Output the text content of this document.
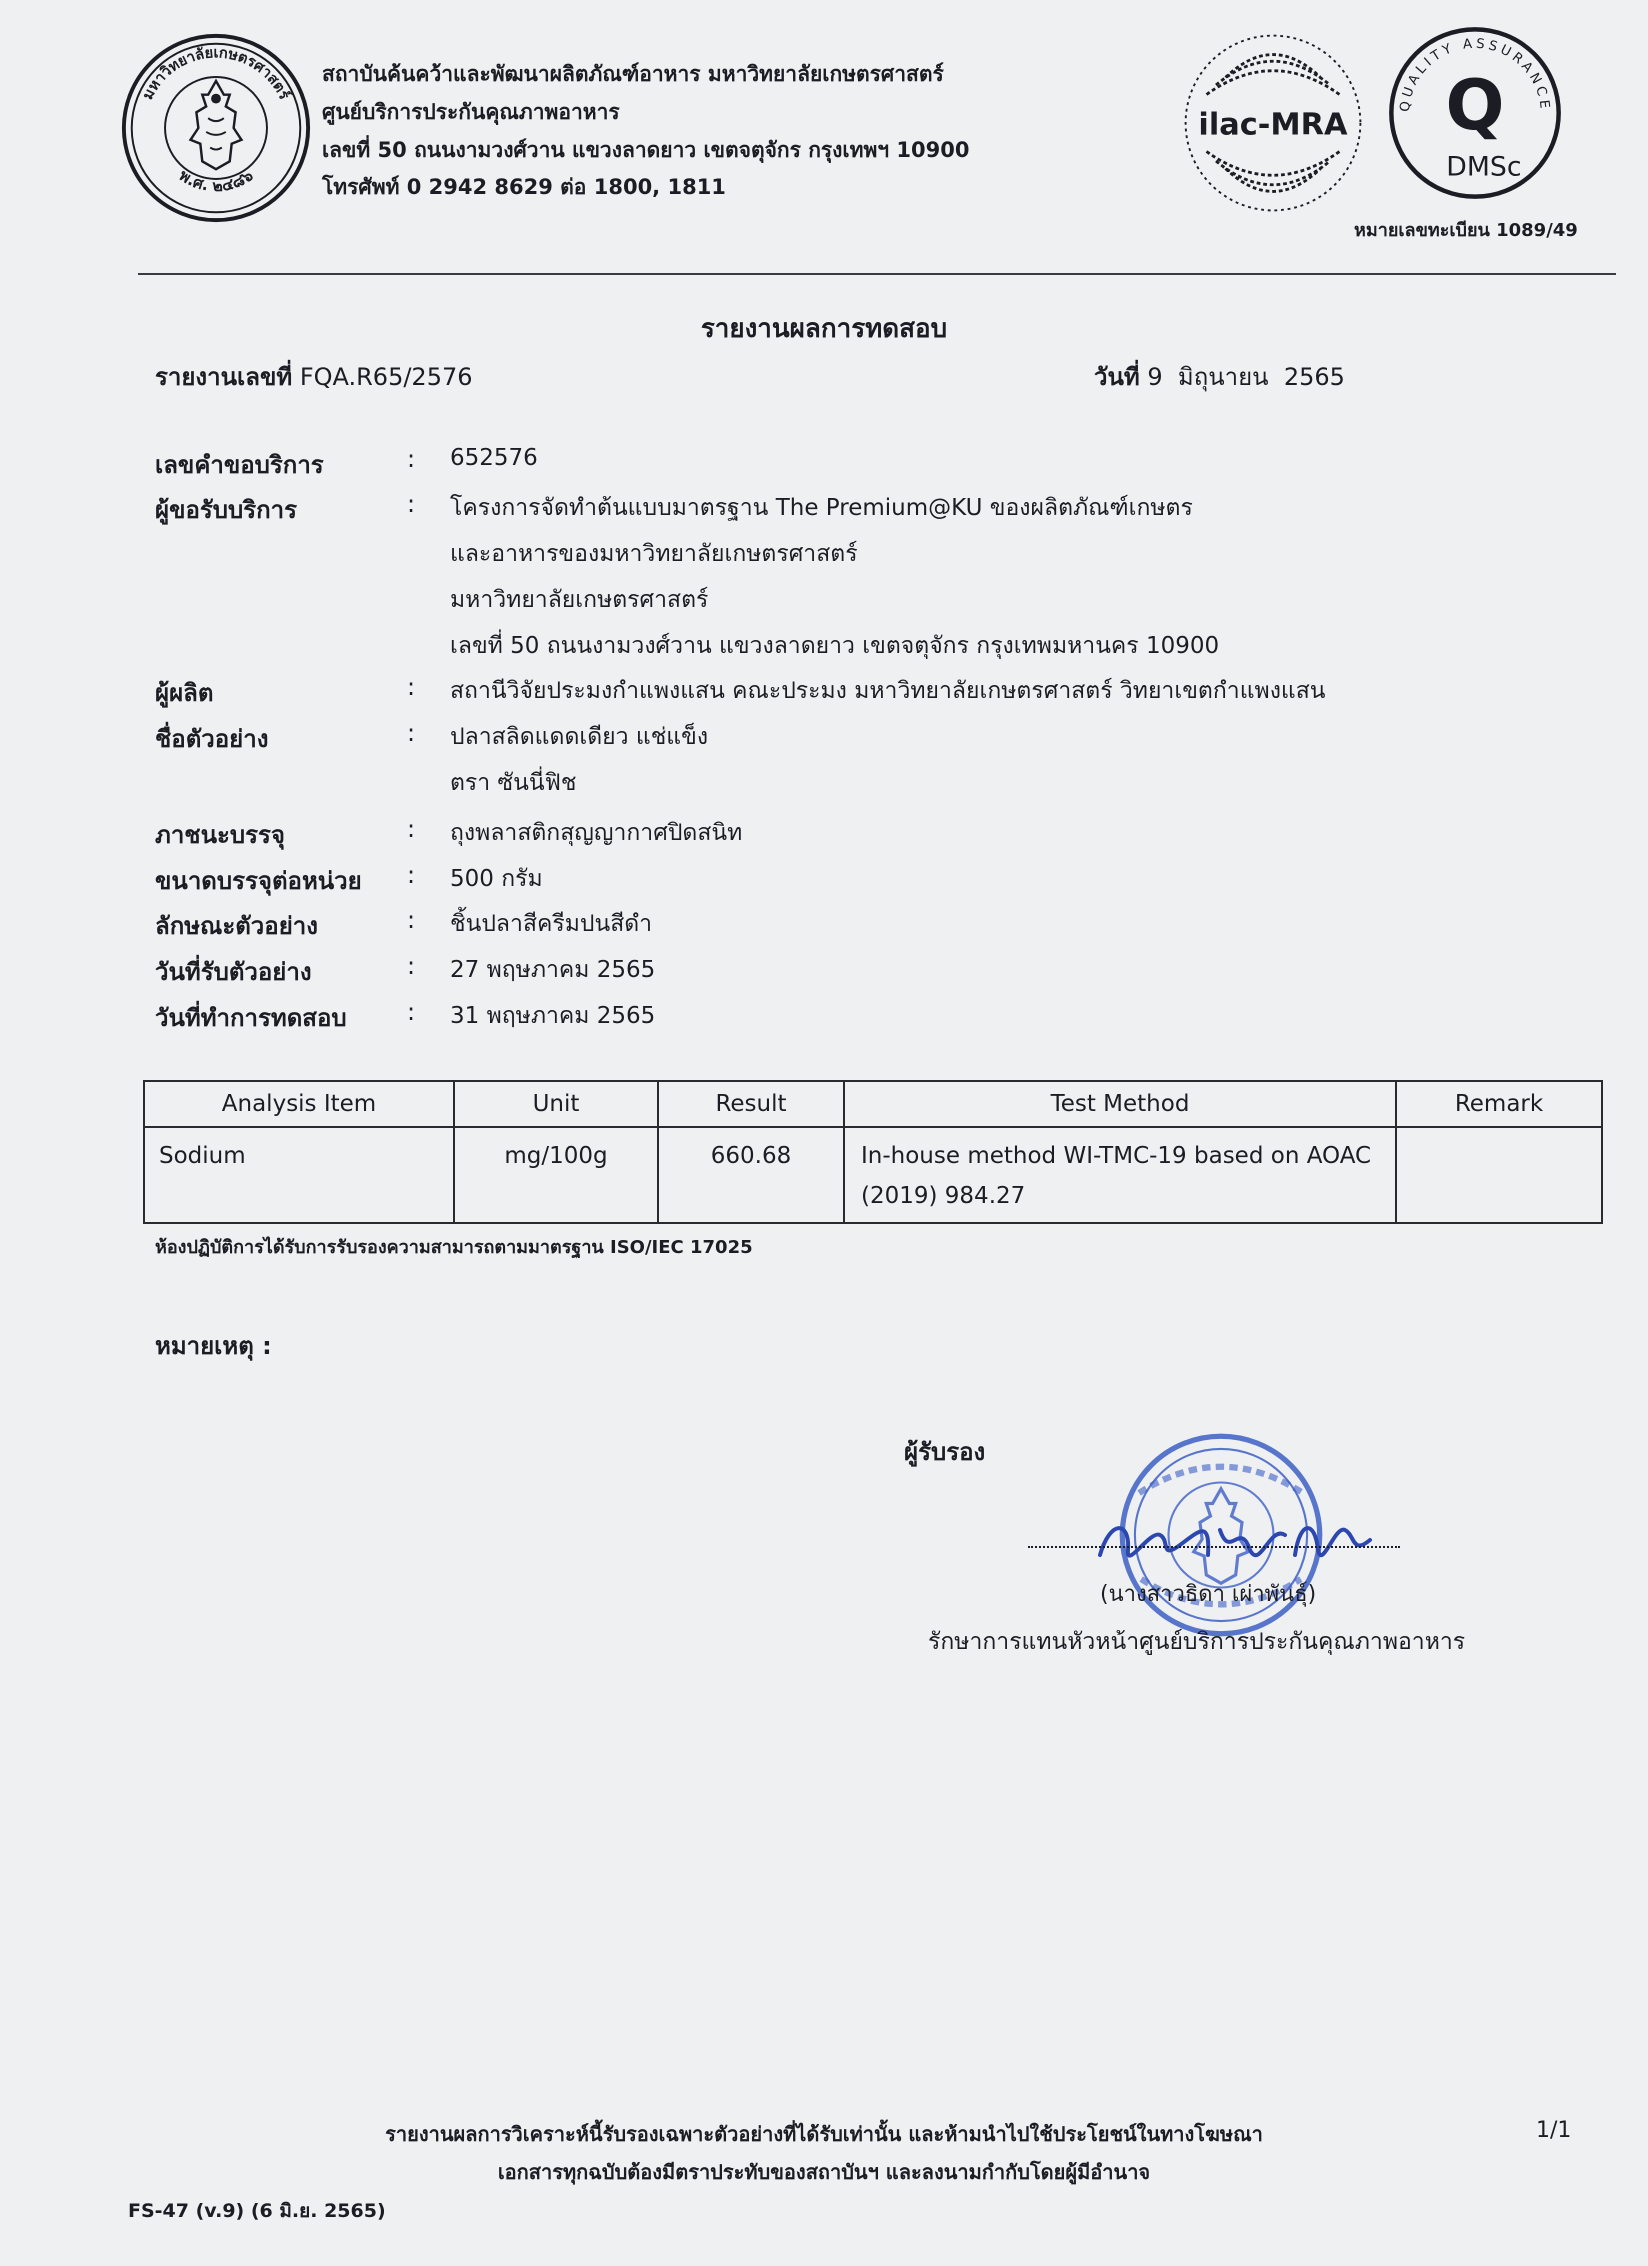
มหาวิทยาลัยเกษตรศาสตร์
พ.ศ. ๒๔๘๖
สถาบันค้นคว้าและพัฒนาผลิตภัณฑ์อาหาร มหาวิทยาลัยเกษตรศาสตร์
ศูนย์บริการประกันคุณภาพอาหาร
เลขที่ 50 ถนนงามวงศ์วาน แขวงลาดยาว เขตจตุจักร กรุงเทพฯ 10900
โทรศัพท์ 0 2942 8629 ต่อ 1800, 1811
ilac-MRA
QUALITY ASSURANCE
Q
DMSc
หมายเลขทะเบียน 1089/49
รายงานผลการทดสอบ
รายงานเลขที่ FQA.R65/2576	วันที่ 9  มิถุนายน  2565
เลขคำขอบริการ	: 652576
ผู้ขอรับบริการ	: โครงการจัดทำต้นแบบมาตรฐาน The Premium@KU ของผลิตภัณฑ์เกษตร
และอาหารของมหาวิทยาลัยเกษตรศาสตร์
มหาวิทยาลัยเกษตรศาสตร์
เลขที่ 50 ถนนงามวงศ์วาน แขวงลาดยาว เขตจตุจักร กรุงเทพมหานคร 10900
ผู้ผลิต	: สถานีวิจัยประมงกำแพงแสน คณะประมง มหาวิทยาลัยเกษตรศาสตร์ วิทยาเขตกำแพงแสน
ชื่อตัวอย่าง	: ปลาสลิดแดดเดียว แช่แข็ง
ตรา ซันนี่ฟิช
ภาชนะบรรจุ	: ถุงพลาสติกสุญญากาศปิดสนิท
ขนาดบรรจุต่อหน่วย : 500 กรัม
ลักษณะตัวอย่าง	: ชิ้นปลาสีครีมปนสีดำ
วันที่รับตัวอย่าง	: 27 พฤษภาคม 2565
วันที่ทำการทดสอบ	: 31 พฤษภาคม 2565
Analysis Item	Unit	Result	Test Method	Remark
Sodium	mg/100g	660.68	In-house method WI-TMC-19 based on AOAC (2019) 984.27	
ห้องปฏิบัติการได้รับการรับรองความสามารถตามมาตรฐาน ISO/IEC 17025
หมายเหตุ :
ผู้รับรอง
(นางสาวธิดา เผ่าพันธุ์)
รักษาการแทนหัวหน้าศูนย์บริการประกันคุณภาพอาหาร
รายงานผลการวิเคราะห์นี้รับรองเฉพาะตัวอย่างที่ได้รับเท่านั้น และห้ามนำไปใช้ประโยชน์ในทางโฆษณา
เอกสารทุกฉบับต้องมีตราประทับของสถาบันฯ และลงนามกำกับโดยผู้มีอำนาจ
1/1
FS-47 (v.9) (6 มิ.ย. 2565)
